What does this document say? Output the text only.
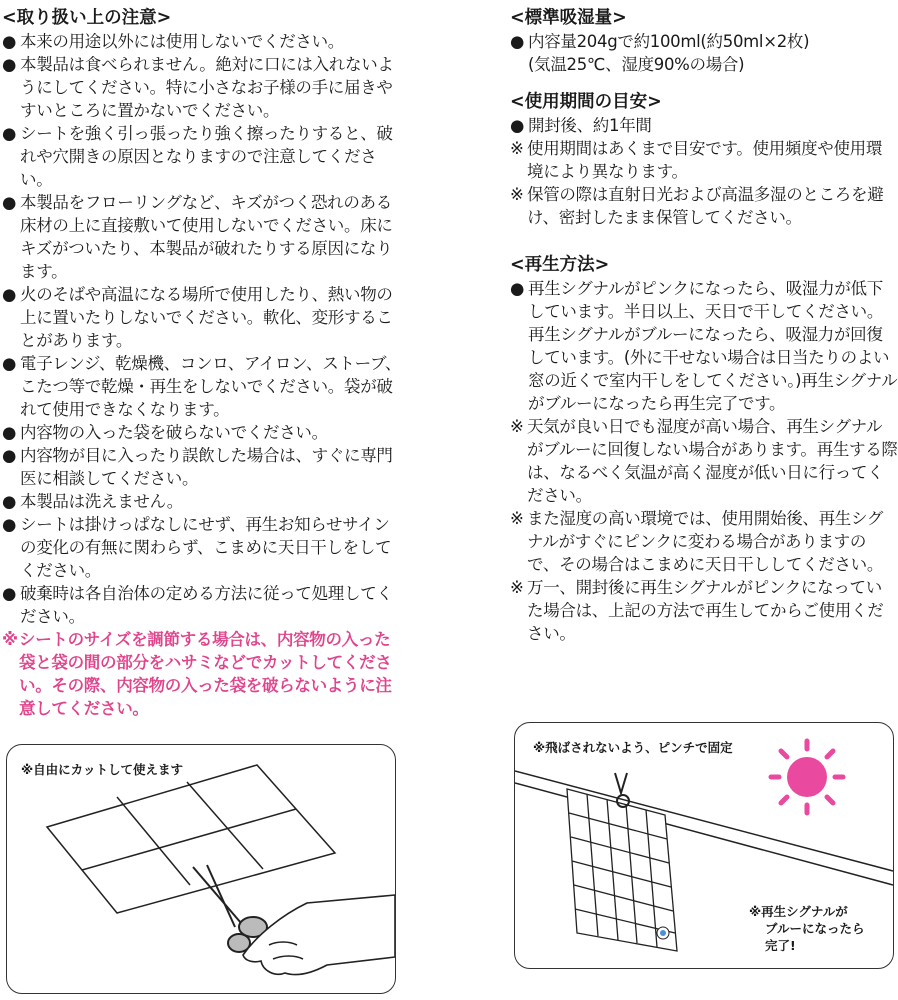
<取り扱い上の注意>
● 本来の用途以外には使用しないでください。
● 本製品は食べられません。絶対に口には入れないようにしてください。特に小さなお子様の手に届きやすいところに置かないでください。
● シートを強く引っ張ったり強く擦ったりすると、破れや穴開きの原因となりますので注意してください。
● 本製品をフローリングなど、キズがつく恐れのある床材の上に直接敷いて使用しないでください。床にキズがついたり、本製品が破れたりする原因になります。
● 火のそばや高温になる場所で使用したり、熱い物の上に置いたりしないでください。軟化、変形することがあります。
● 電子レンジ、乾燥機、コンロ、アイロン、ストーブ、こたつ等で乾燥・再生をしないでください。袋が破れて使用できなくなります。
● 内容物の入った袋を破らないでください。
● 内容物が目に入ったり誤飲した場合は、すぐに専門医に相談してください。
● 本製品は洗えません。
● シートは掛けっぱなしにせず、再生お知らせサインの変化の有無に関わらず、こまめに天日干しをしてください。
● 破棄時は各自治体の定める方法に従って処理してください。
※ シートのサイズを調節する場合は、内容物の入った袋と袋の間の部分をハサミなどでカットしてください。その際、内容物の入った袋を破らないように注意してください。
<標準吸湿量>
● 内容量204gで約100ml(約50ml×2枚)
(気温25℃、湿度90%の場合)
<使用期間の目安>
● 開封後、約1年間
※ 使用期間はあくまで目安です。使用頻度や使用環境により異なります。
※ 保管の際は直射日光および高温多湿のところを避け、密封したまま保管してください。
<再生方法>
● 再生シグナルがピンクになったら、吸湿力が低下しています。半日以上、天日で干してください。再生シグナルがブルーになったら、吸湿力が回復しています。(外に干せない場合は日当たりのよい窓の近くで室内干しをしてください。)再生シグナルがブルーになったら再生完了です。
※ 天気が良い日でも湿度が高い場合、再生シグナルがブルーに回復しない場合があります。再生する際は、なるべく気温が高く湿度が低い日に行ってください。
※ また湿度の高い環境では、使用開始後、再生シグナルがすぐにピンクに変わる場合がありますので、その場合はこまめに天日干ししてください。
※ 万一、開封後に再生シグナルがピンクになっていた場合は、上記の方法で再生してからご使用ください。
※自由にカットして使えます
※飛ばされないよう、ピンチで固定
※再生シグナルが
ブルーになったら
完了!
